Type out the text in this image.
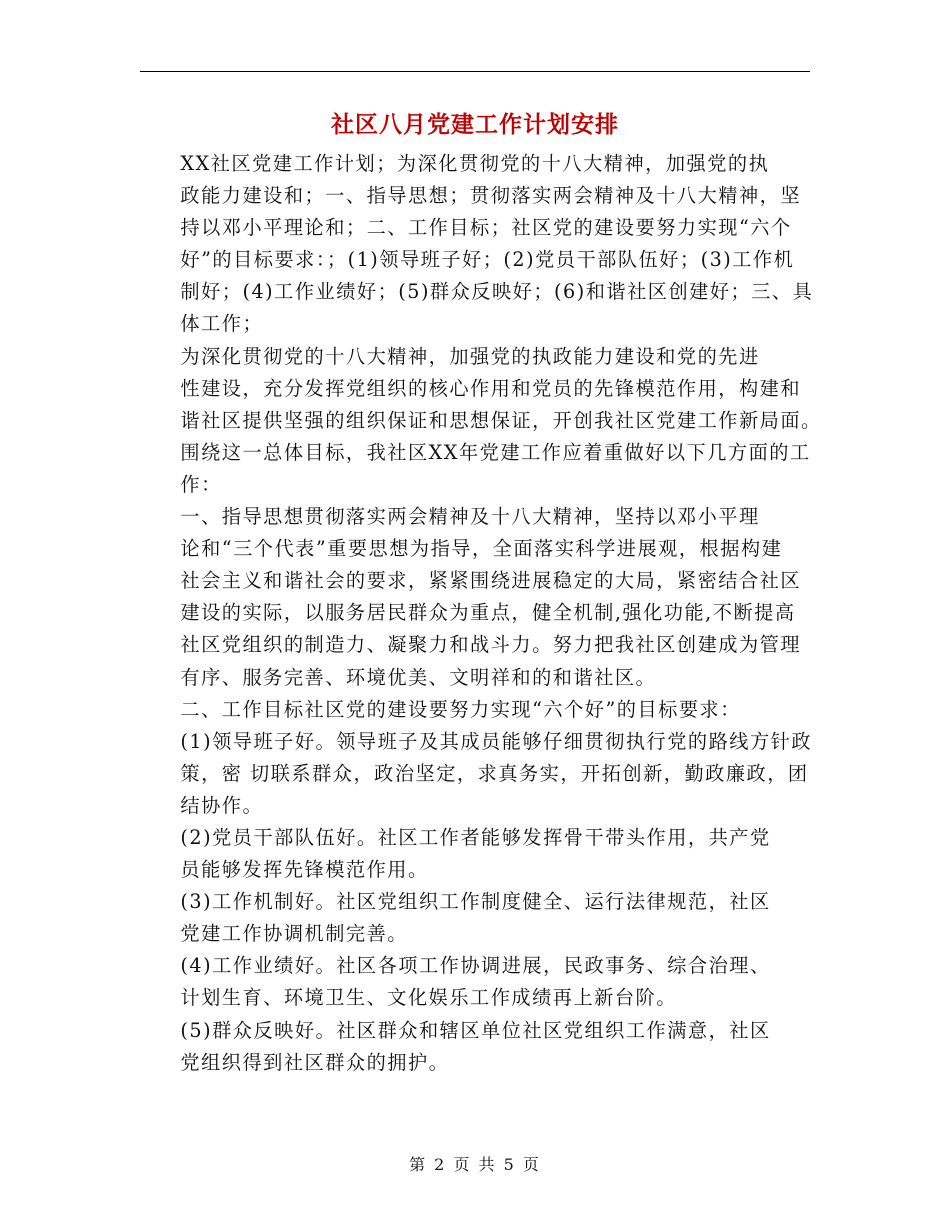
社区八月党建工作计划安排

XX社区党建工作计划；为深化贯彻党的十八大精神，加强党的执
政能力建设和；一、指导思想；贯彻落实两会精神及十八大精神，坚
持以邓小平理论和；二、工作目标；社区党的建设要努力实现“六个
好”的目标要求：；(1)领导班子好；(2)党员干部队伍好；(3)工作机
制好；(4)工作业绩好；(5)群众反映好；(6)和谐社区创建好；三、具
体工作；

为深化贯彻党的十八大精神，加强党的执政能力建设和党的先进
性建设，充分发挥党组织的核心作用和党员的先锋模范作用，构建和
谐社区提供坚强的组织保证和思想保证，开创我社区党建工作新局面。
围绕这一总体目标，我社区XX年党建工作应着重做好以下几方面的工
作：

一、指导思想贯彻落实两会精神及十八大精神，坚持以邓小平理
论和“三个代表”重要思想为指导，全面落实科学进展观，根据构建
社会主义和谐社会的要求，紧紧围绕进展稳定的大局，紧密结合社区
建设的实际，以服务居民群众为重点，健全机制,强化功能,不断提高
社区党组织的制造力、凝聚力和战斗力。努力把我社区创建成为管理
有序、服务完善、环境优美、文明祥和的和谐社区。

二、工作目标社区党的建设要努力实现“六个好”的目标要求：
(1)领导班子好。领导班子及其成员能够仔细贯彻执行党的路线方针政
策，密 切联系群众，政治坚定，求真务实，开拓创新，勤政廉政，团
结协作。

(2)党员干部队伍好。社区工作者能够发挥骨干带头作用，共产党
员能够发挥先锋模范作用。

(3)工作机制好。社区党组织工作制度健全、运行法律规范，社区
党建工作协调机制完善。

(4)工作业绩好。社区各项工作协调进展，民政事务、综合治理、
计划生育、环境卫生、文化娱乐工作成绩再上新台阶。

(5)群众反映好。社区群众和辖区单位社区党组织工作满意，社区
党组织得到社区群众的拥护。

第 2 页 共 5 页
